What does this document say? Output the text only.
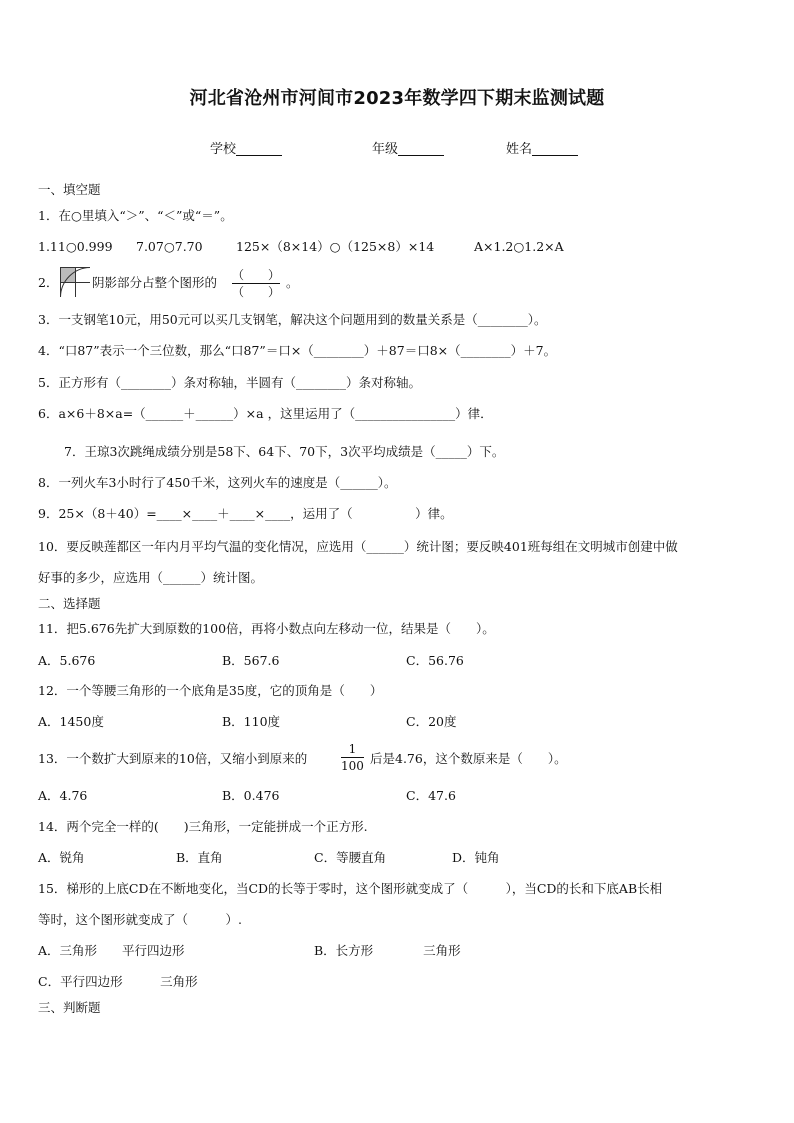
河北省沧州市河间市2023年数学四下期末监测试题
学校	年级	姓名
一、填空题
1．在○里填入“＞”、“＜”或“＝”。
1.11○0.999 7.07○7.70	125×（8×14）○（125×8）×14	A×1.2○1.2×A
2．	阴影部分占整个图形的 （　　）
（　　）
。
3．一支钢笔10元，用50元可以买几支钢笔，解决这个问题用到的数量关系是（________）。
4．“口87”表示一个三位数，那么“口87”＝口×（________）＋87＝口8×（________）＋7。
5．正方形有（________）条对称轴，半圆有（________）条对称轴。
6．a×6＋8×a=（______＋______）×a ，这里运用了（________________）律．
7．王琼3次跳绳成绩分别是58下、64下、70下，3次平均成绩是（_____）下。
8．一列火车3小时行了450千米，这列火车的速度是（______）。
9．25×（8＋40）=____×____＋____×____，运用了（　　　　　）律。
10．要反映莲都区一年内月平均气温的变化情况，应选用（______）统计图；要反映401班每组在文明城市创建中做
好事的多少，应选用（______）统计图。
二、选择题
11．把5.676先扩大到原数的100倍，再将小数点向左移动一位，结果是（　　）。
A．5.676	B．567.6	C．56.76
12．一个等腰三角形的一个底角是35度，它的顶角是（　　）
A．1450度	B．110度	C．20度
13．一个数扩大到原来的10倍，又缩小到原来的
1
100 后是4.76，这个数原来是（　　）。
A．4.76	B．0.476	C．47.6
14．两个完全一样的(　　)三角形，一定能拼成一个正方形.
A．锐角	B．直角	C．等腰直角	D．钝角
15．梯形的上底CD在不断地变化，当CD的长等于零时，这个图形就变成了（　　　），当CD的长和下底AB长相
等时，这个图形就变成了（　　　）.
A．三角形　　平行四边形	B．长方形　　　　三角形
C．平行四边形　　　三角形
三、判断题
